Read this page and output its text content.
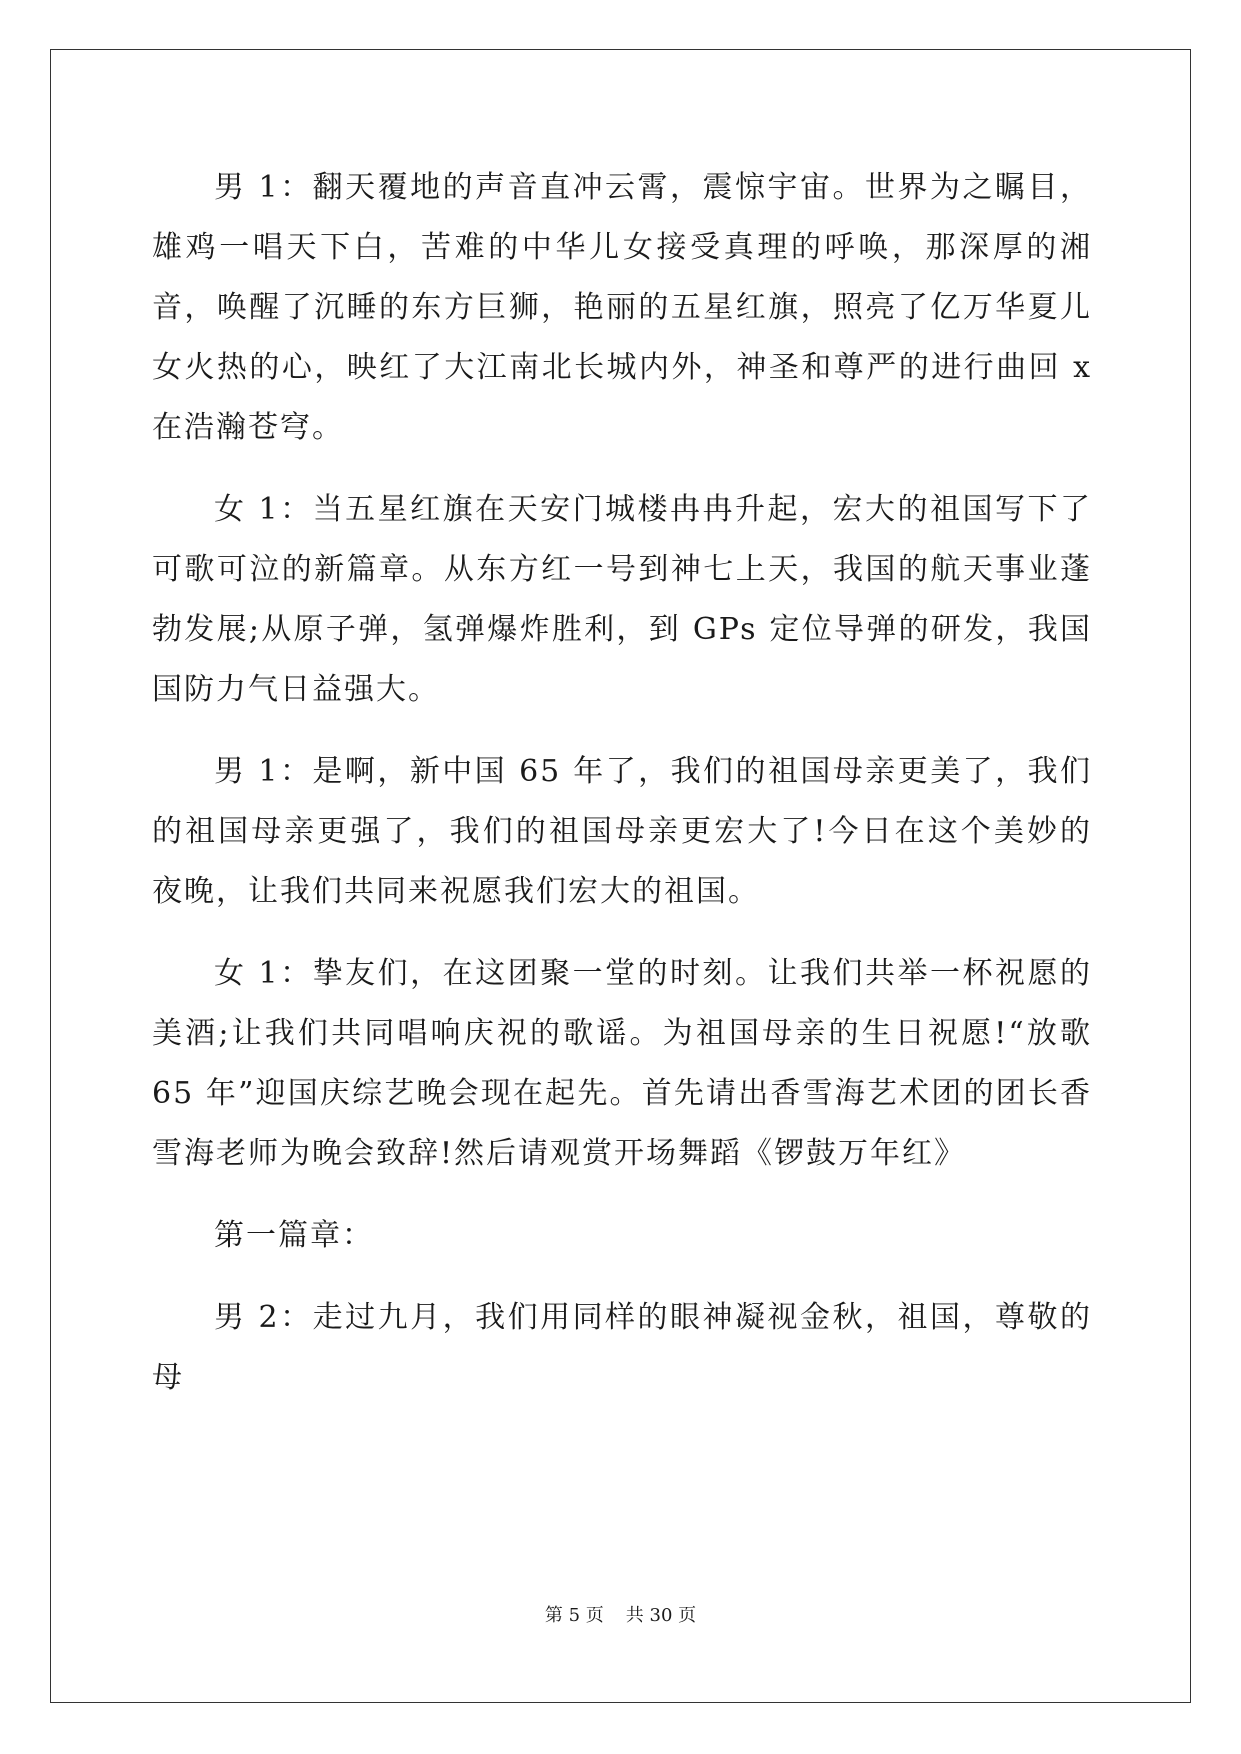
男 1：翻天覆地的声音直冲云霄，震惊宇宙。世界为之瞩目，雄鸡一唱天下白，苦难的中华儿女接受真理的呼唤，那深厚的湘音，唤醒了沉睡的东方巨狮，艳丽的五星红旗，照亮了亿万华夏儿女火热的心，映红了大江南北长城内外，神圣和尊严的进行曲回 x 在浩瀚苍穹。

女 1：当五星红旗在天安门城楼冉冉升起，宏大的祖国写下了可歌可泣的新篇章。从东方红一号到神七上天，我国的航天事业蓬勃发展;从原子弹，氢弹爆炸胜利，到 GPs 定位导弹的研发，我国国防力气日益强大。

男 1：是啊，新中国 65 年了，我们的祖国母亲更美了，我们的祖国母亲更强了，我们的祖国母亲更宏大了!今日在这个美妙的夜晚，让我们共同来祝愿我们宏大的祖国。

女 1：挚友们，在这团聚一堂的时刻。让我们共举一杯祝愿的美酒;让我们共同唱响庆祝的歌谣。为祖国母亲的生日祝愿!“放歌 65 年”迎国庆综艺晚会现在起先。首先请出香雪海艺术团的团长香雪海老师为晚会致辞!然后请观赏开场舞蹈《锣鼓万年红》

第一篇章：

男 2：走过九月，我们用同样的眼神凝视金秋，祖国，尊敬的母

第 5 页 共 30 页
